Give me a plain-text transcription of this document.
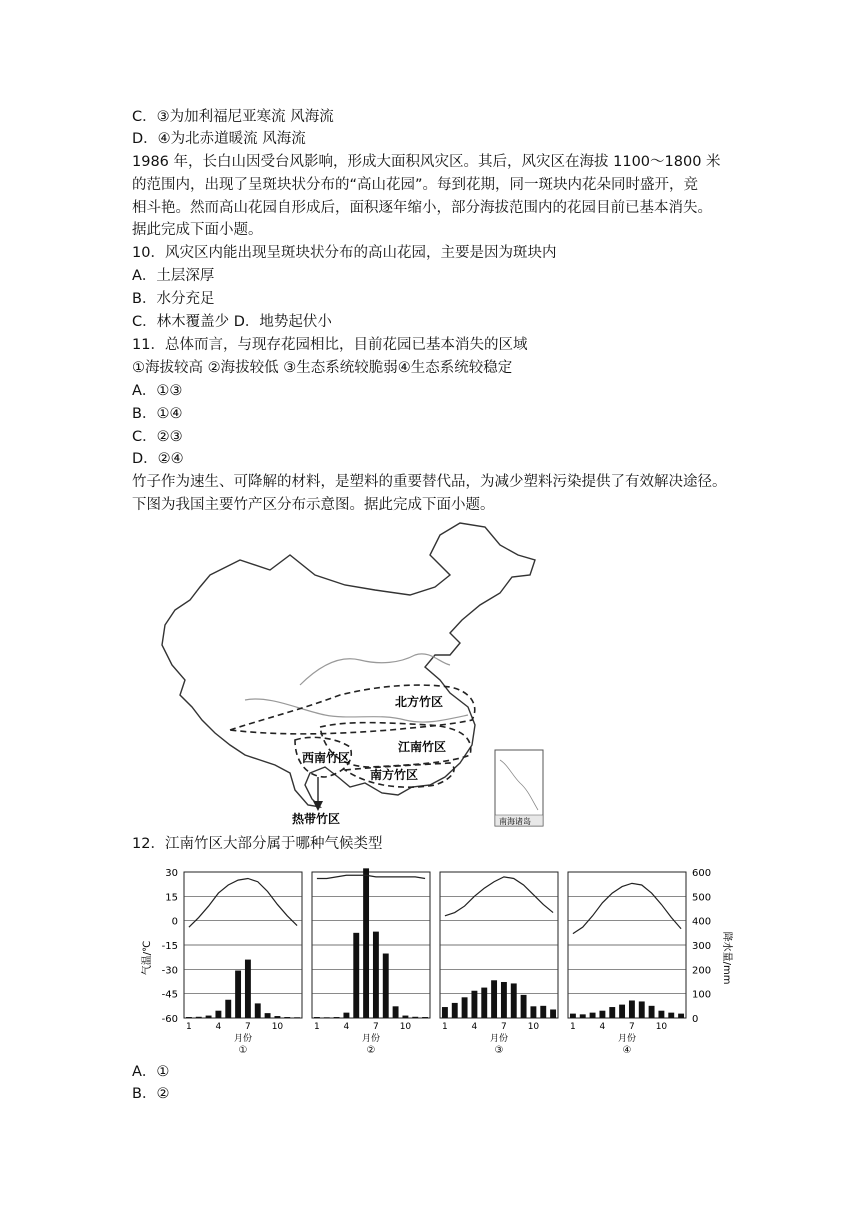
C．③为加利福尼亚寒流 风海流
D．④为北赤道暖流 风海流
1986 年，长白山因受台风影响，形成大面积风灾区。其后，风灾区在海拔 1100～1800 米
的范围内，出现了呈斑块状分布的“高山花园”。每到花期，同一斑块内花朵同时盛开，竞
相斗艳。然而高山花园自形成后，面积逐年缩小，部分海拔范围内的花园目前已基本消失。
据此完成下面小题。
10．风灾区内能出现呈斑块状分布的高山花园，主要是因为斑块内
A．土层深厚
B．水分充足
C．林木覆盖少 D．地势起伏小
11．总体而言，与现存花园相比，目前花园已基本消失的区域
①海拔较高 ②海拔较低 ③生态系统较脆弱④生态系统较稳定
A．①③
B．①④
C．②③
D．②④
竹子作为速生、可降解的材料，是塑料的重要替代品，为减少塑料污染提供了有效解决途径。
下图为我国主要竹产区分布示意图。据此完成下面小题。
北方竹区
江南竹区
西南竹区
南方竹区
热带竹区	南海诸岛
12．江南竹区大部分属于哪种气候类型
30
15
0
-15
-30
-45
-60
600
500
400
300
200
100
0
1	4	7 10
月份
①
1	4	7 10
月份
②
1	4	7 10
月份
③
1	4	7 10
月份
④
气温/℃	降水量/mm
A．①
B．②
